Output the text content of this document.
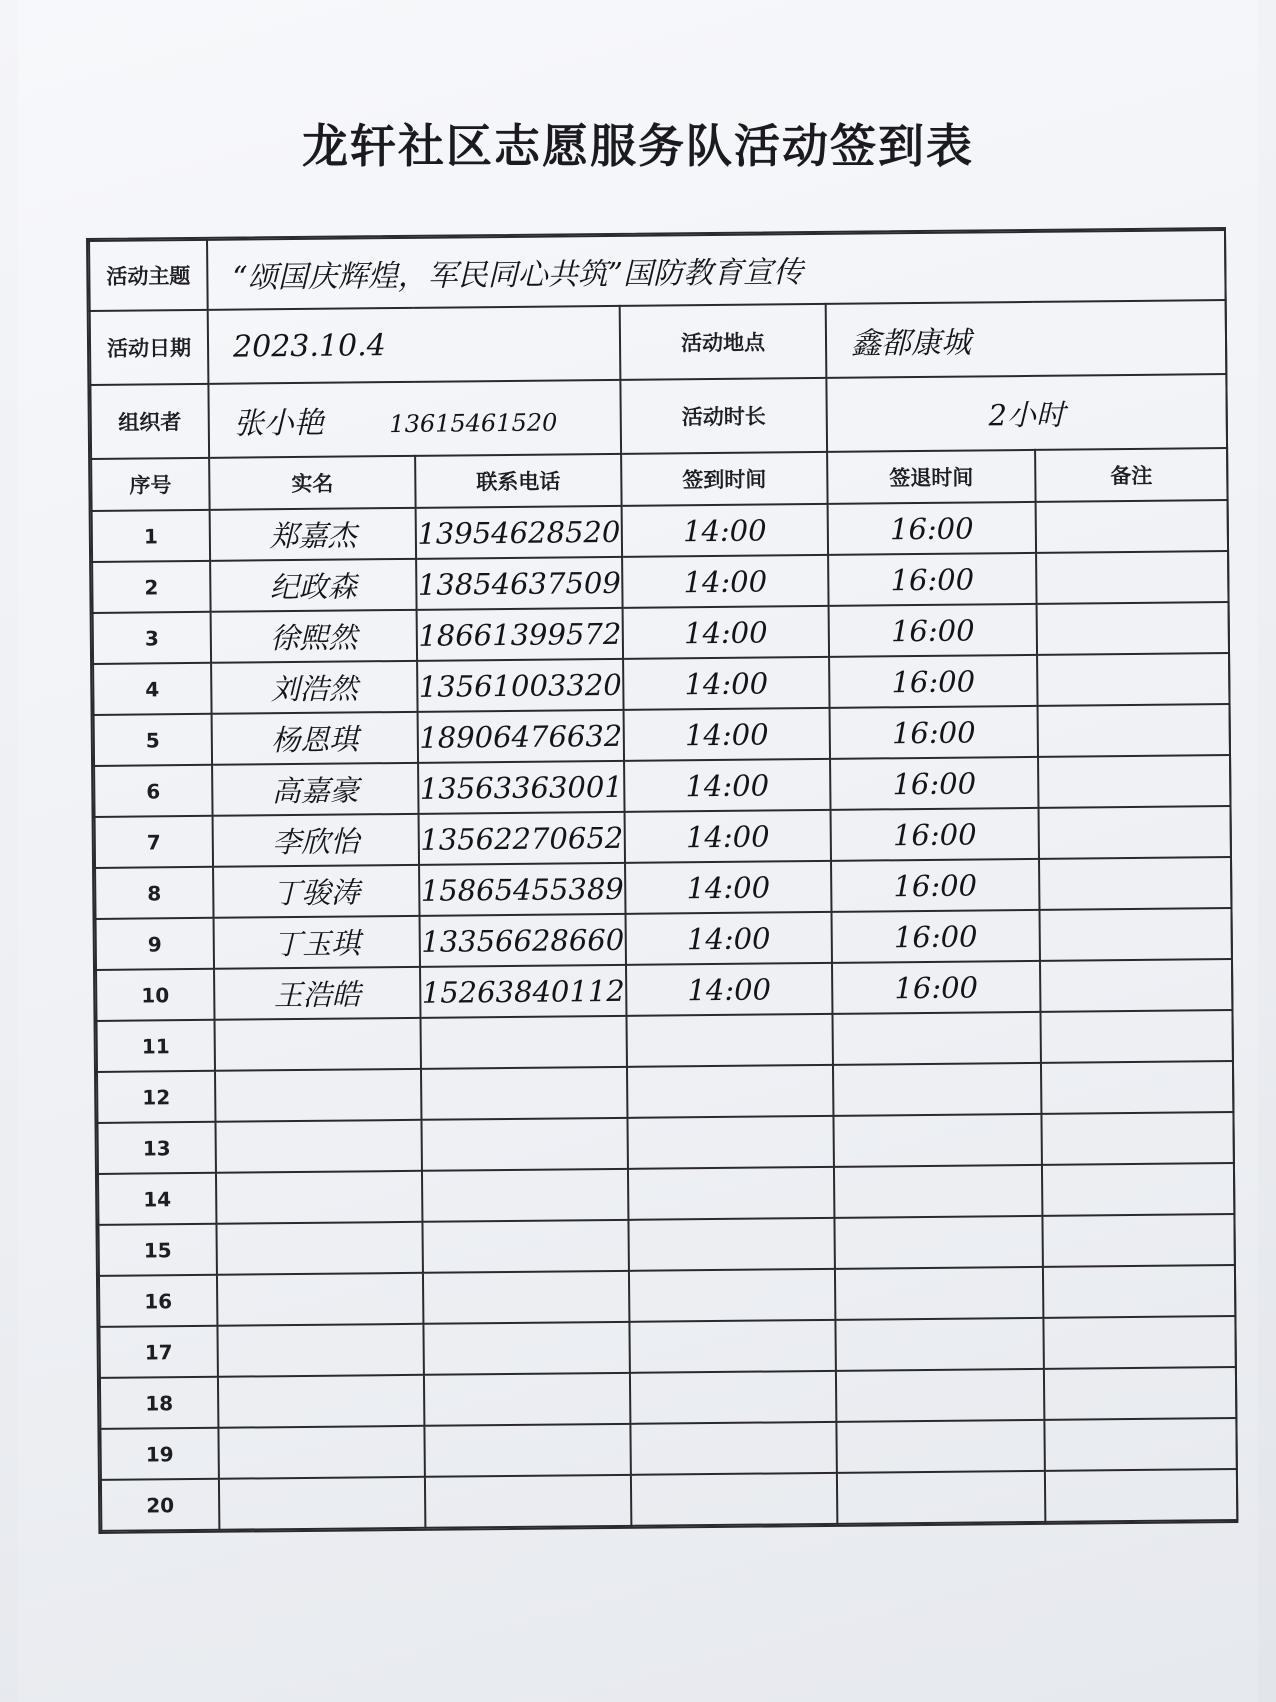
龙轩社区志愿服务队活动签到表
活动主题	“颂国庆辉煌，军民同心共筑”国防教育宣传				
活动日期	2023.10.4		活动地点	鑫都康城	
组织者	张小艳 13615461520		活动时长	2小时	
序号	实名	联系电话	签到时间	签退时间	备注
1	郑嘉杰	13954628520	14:00	16:00	
2	纪政森	13854637509	14:00	16:00	
3	徐熙然	18661399572	14:00	16:00	
4	刘浩然	13561003320	14:00	16:00	
5	杨恩琪	18906476632	14:00	16:00	
6	高嘉豪	13563363001	14:00	16:00	
7	李欣怡	13562270652	14:00	16:00	
8	丁骏涛	15865455389	14:00	16:00	
9	丁玉琪	13356628660	14:00	16:00	
10	王浩皓	15263840112	14:00	16:00	
11					
12					
13					
14					
15					
16					
17					
18					
19					
20					
